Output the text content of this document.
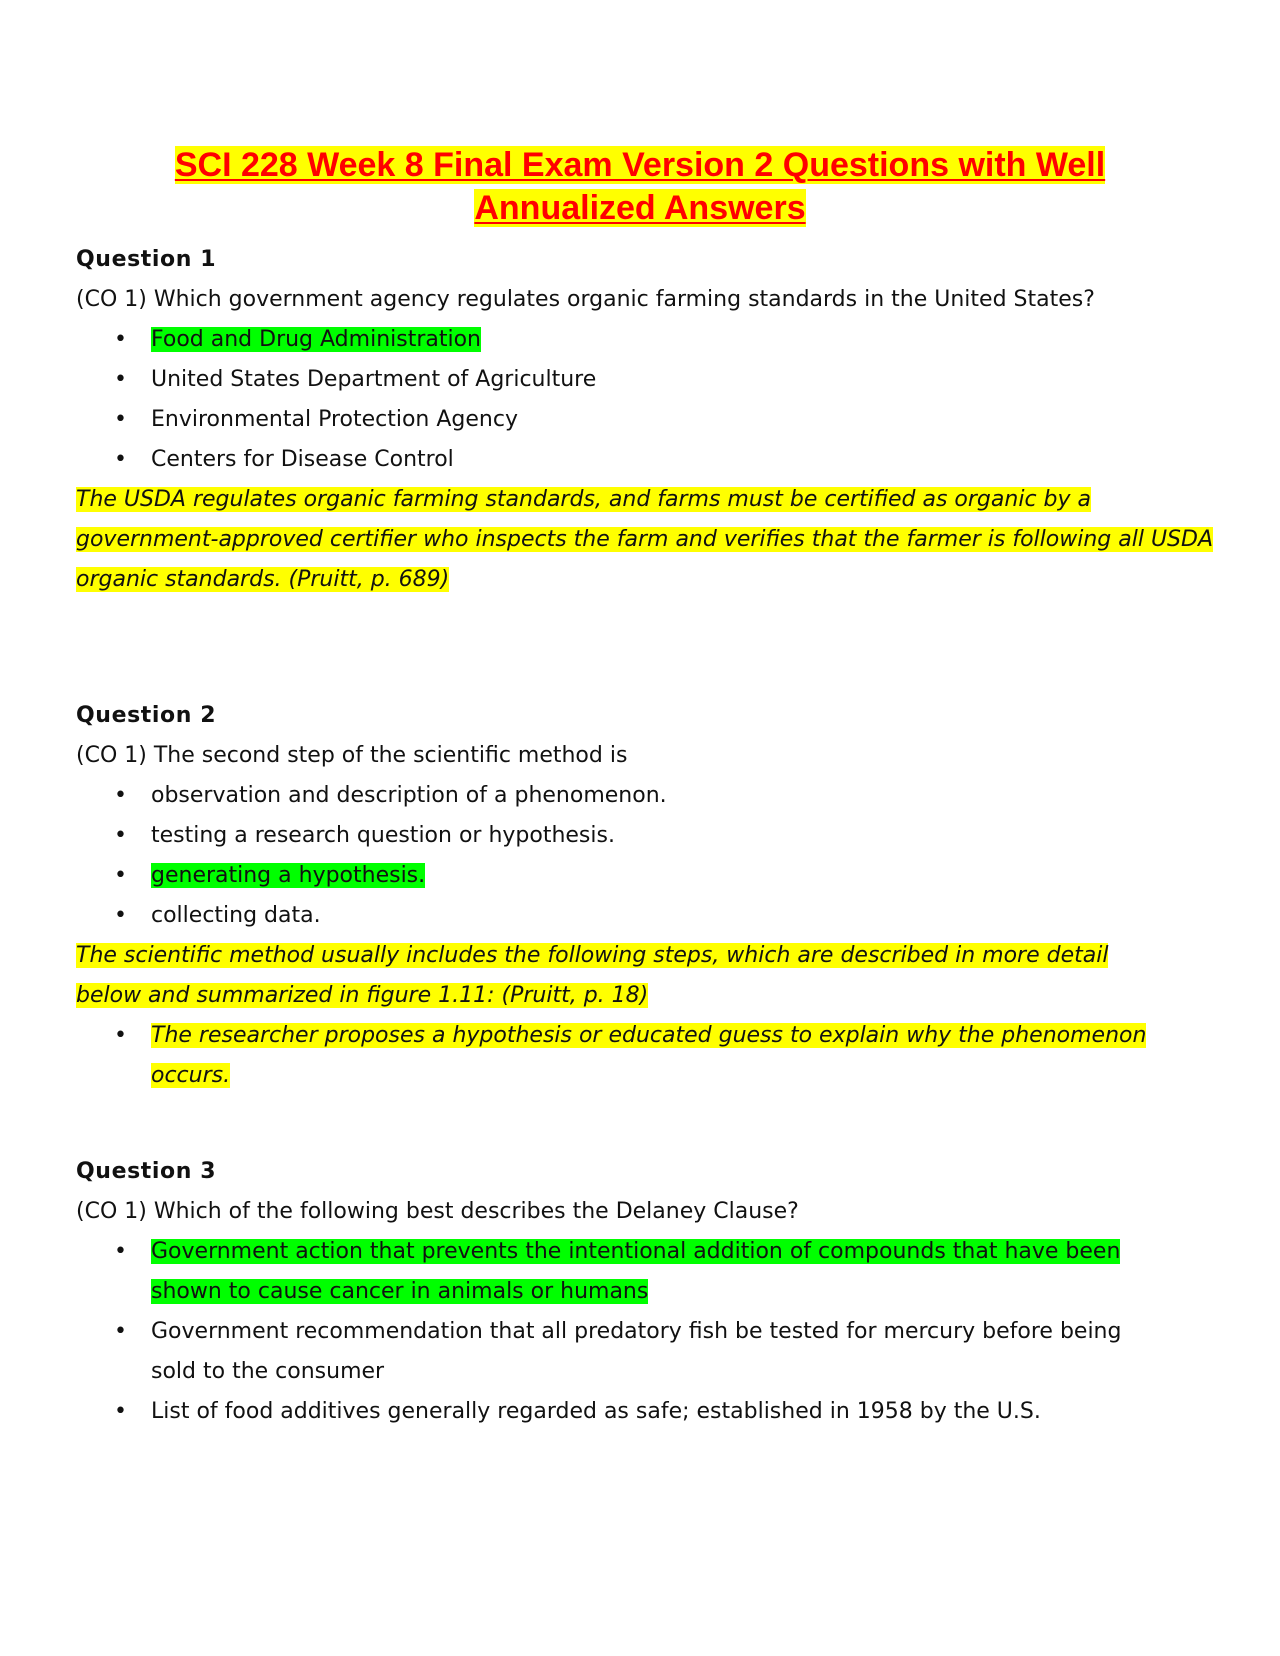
SCI 228 Week 8 Final Exam Version 2 Questions with Well
Annualized Answers

Question 1

(CO 1) Which government agency regulates organic farming standards in the United States?

• Food and Drug Administration
• United States Department of Agriculture
• Environmental Protection Agency
• Centers for Disease Control

The USDA regulates organic farming standards, and farms must be certified as organic by a
government-approved certifier who inspects the farm and verifies that the farmer is following all USDA organic standards. (Pruitt, p. 689)

Question 2

(CO 1) The second step of the scientific method is

• observation and description of a phenomenon.
• testing a research question or hypothesis.
• generating a hypothesis.
• collecting data.

The scientific method usually includes the following steps, which are described in more detail
below and summarized in figure 1.11: (Pruitt, p. 18)

• The researcher proposes a hypothesis or educated guess to explain why the phenomenon occurs.

Question 3

(CO 1) Which of the following best describes the Delaney Clause?

• Government action that prevents the intentional addition of compounds that have been shown to cause cancer in animals or humans
• Government recommendation that all predatory fish be tested for mercury before being sold to the consumer
• List of food additives generally regarded as safe; established in 1958 by the U.S.
